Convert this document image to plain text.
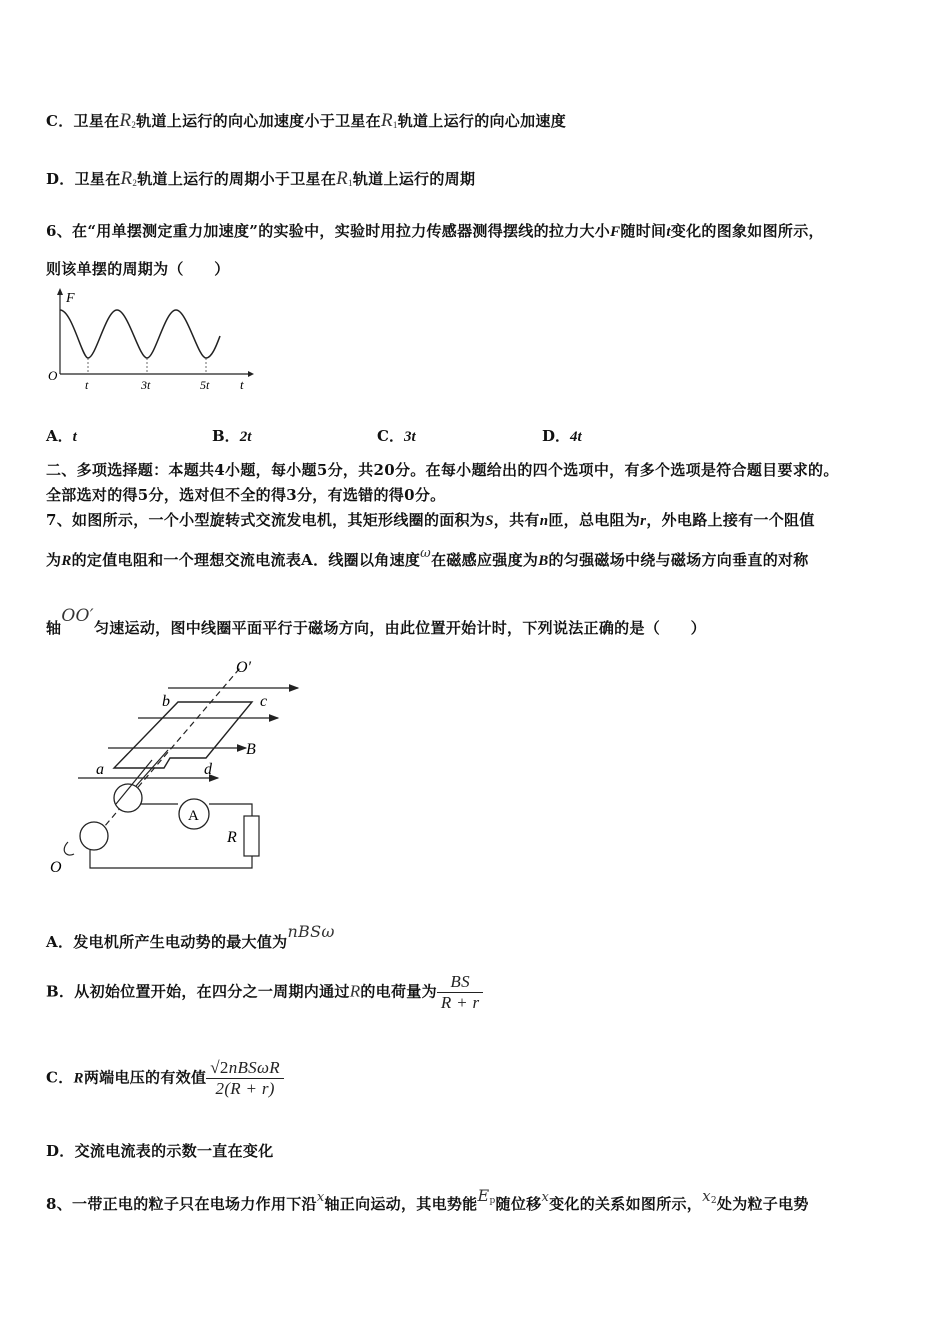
C．卫星在$R_2$轨道上运行的向心加速度小于卫星在$R_1$轨道上运行的向心加速度
D．卫星在$R_2$轨道上运行的周期小于卫星在$R_1$轨道上运行的周期
6、在“用单摆测定重力加速度”的实验中，实验时用拉力传感器测得摆线的拉力大小F随时间t变化的图象如图所示，
则该单摆的周期为（　　）
F
O
t
t	3t	5t
A．t	B．2t	C．3t	D．4t
二、多项选择题：本题共4小题，每小题5分，共20分。在每小题给出的四个选项中，有多个选项是符合题目要求的。
全部选对的得5分，选对但不全的得3分，有选错的得0分。
7、如图所示，一个小型旋转式交流发电机，其矩形线圈的面积为S，共有n匝，总电阻为r，外电路上接有一个阻值
为R的定值电阻和一个理想交流电流表A．线圈以角速度ω在磁感应强度为B的匀强磁场中绕与磁场方向垂直的对称
轴OO′匀速运动，图中线圈平面平行于磁场方向，由此位置开始计时，下列说法正确的是（　　）
O′
b	c
B
a	d
A
R
O
A．发电机所产生电动势的最大值为nBSω
B．从初始位置开始，在四分之一周期内通过R的电荷量为 $\frac{BS}{R + r}$
C．R两端电压的有效值 $\frac{\text{√2nBSωR}}{2(R + r)}$
D．交流电流表的示数一直在变化
8、一带正电的粒子只在电场力作用下沿x轴正向运动，其电势能$E_p$随位移x变化的关系如图所示，$x_2$处为粒子电势
